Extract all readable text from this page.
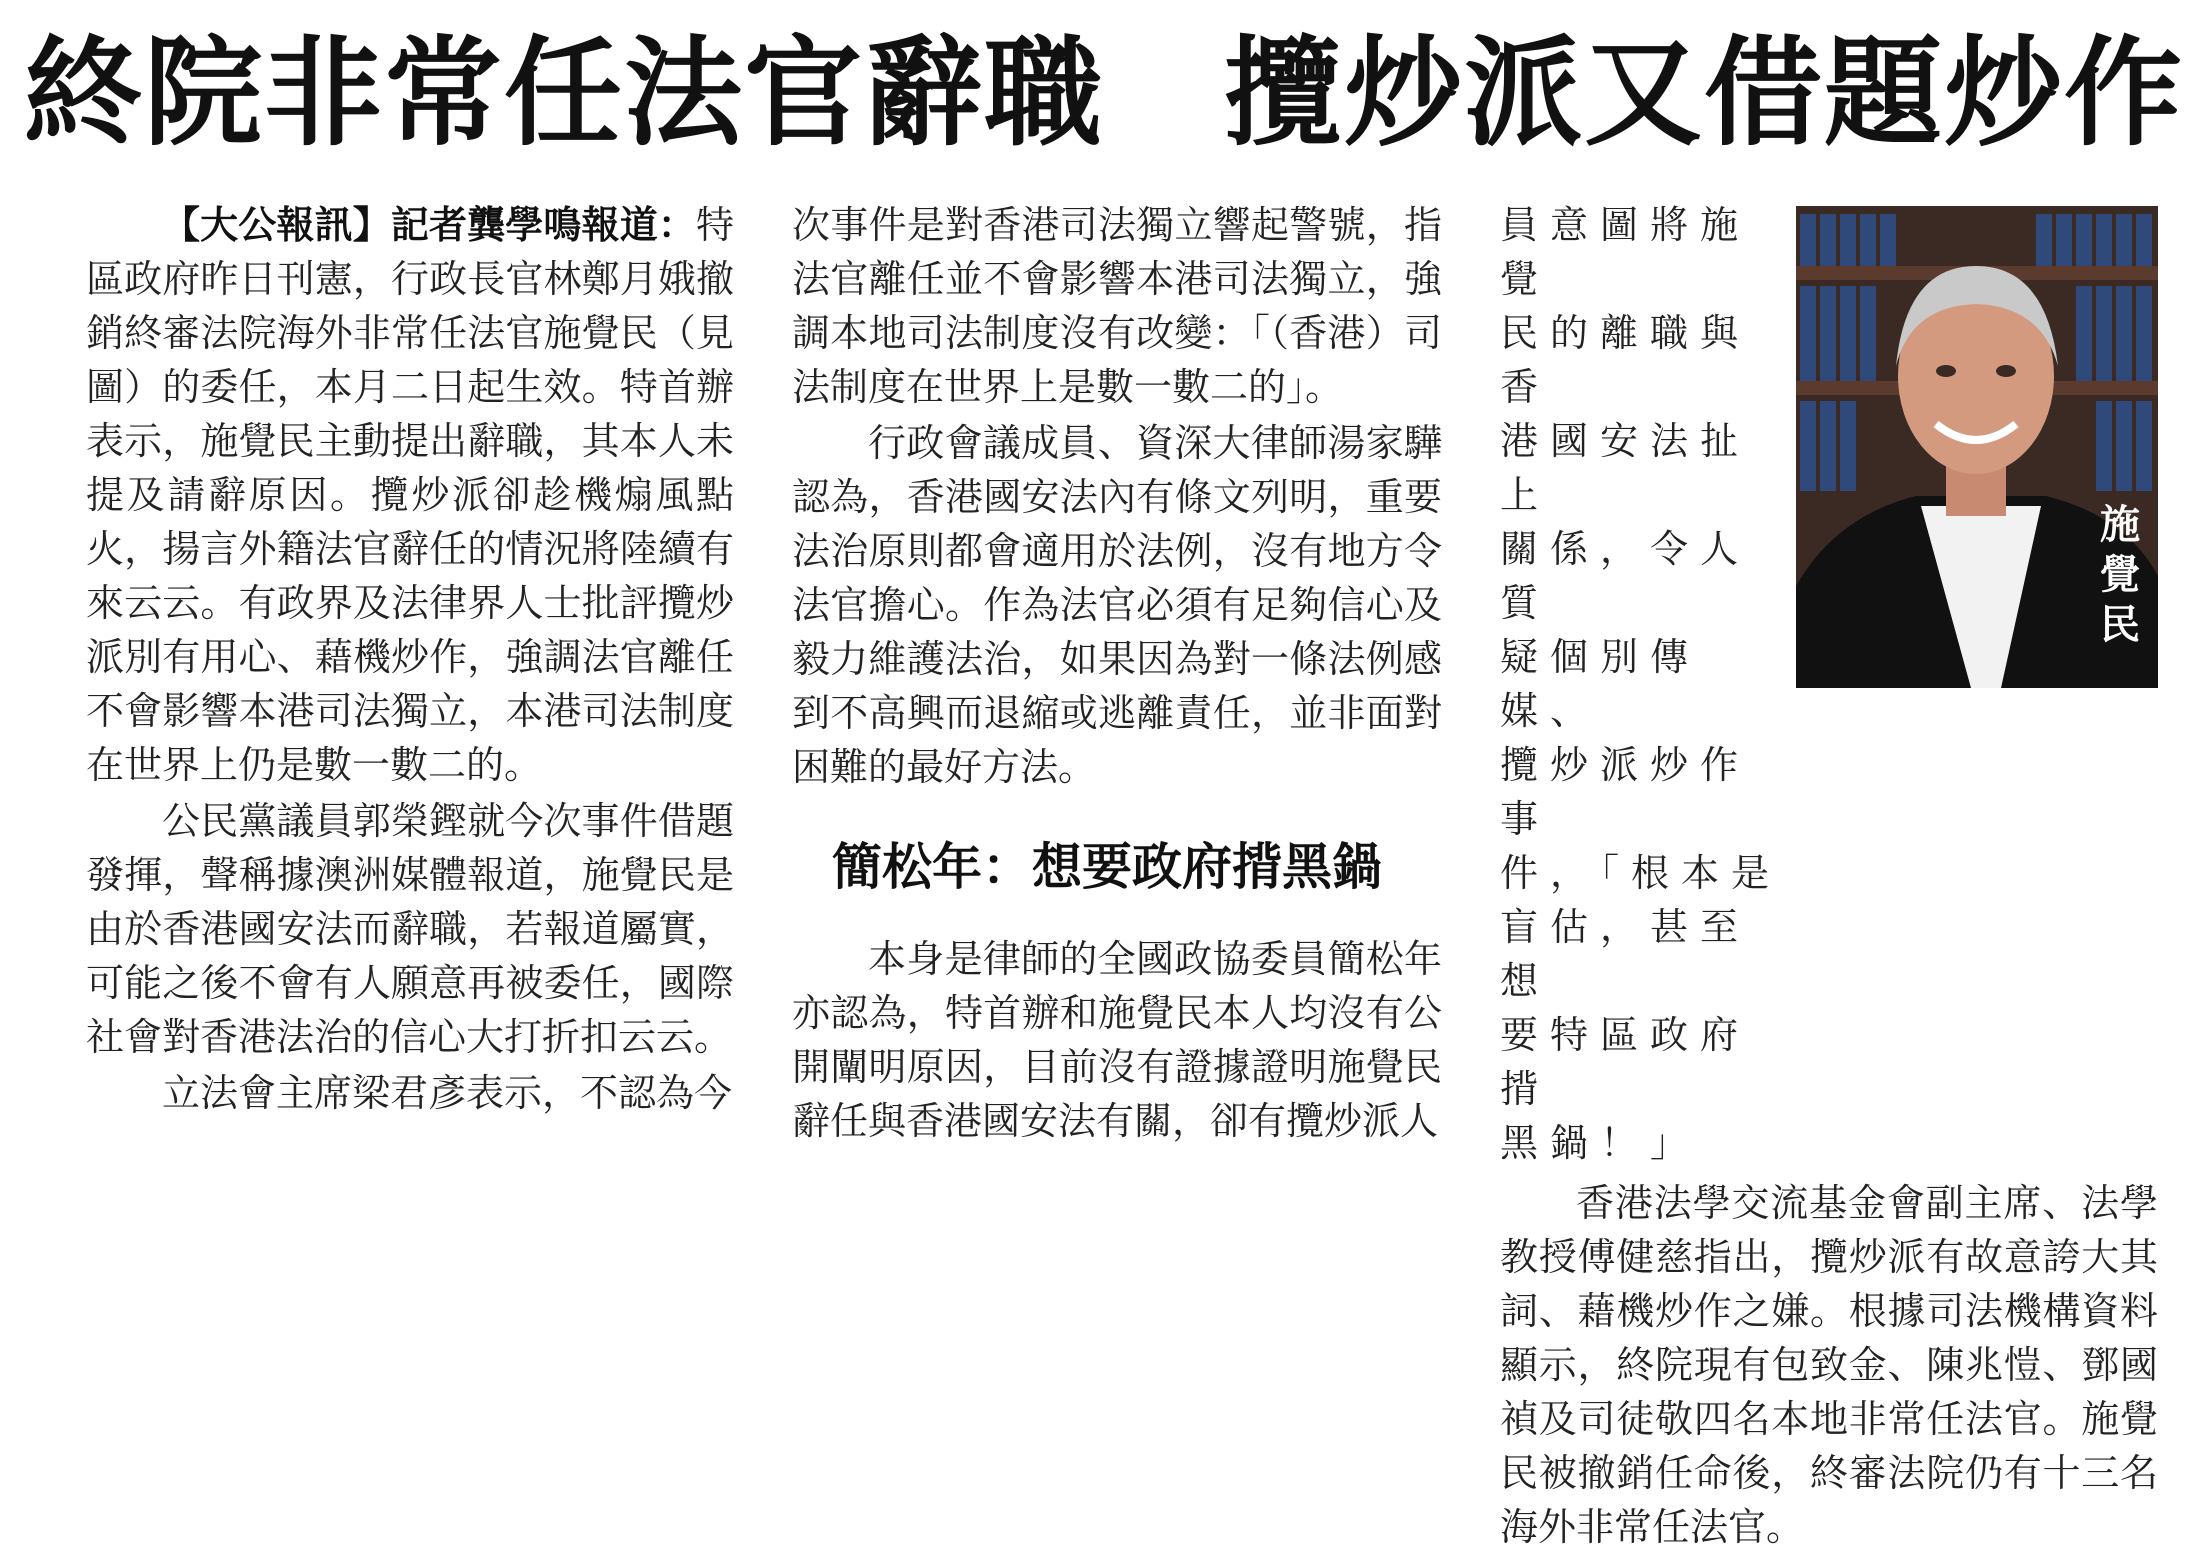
終院非常任法官辭職　攬炒派又借題炒作

【大公報訊】記者龔學鳴報道：特區政府昨日刊憲，行政長官林鄭月娥撤銷終審法院海外非常任法官施覺民（見圖）的委任，本月二日起生效。特首辦表示，施覺民主動提出辭職，其本人未提及請辭原因。攬炒派卻趁機煽風點火，揚言外籍法官辭任的情況將陸續有來云云。有政界及法律界人士批評攬炒派別有用心、藉機炒作，強調法官離任不會影響本港司法獨立，本港司法制度在世界上仍是數一數二的。

公民黨議員郭榮鏗就今次事件借題發揮，聲稱據澳洲媒體報道，施覺民是由於香港國安法而辭職，若報道屬實，可能之後不會有人願意再被委任，國際社會對香港法治的信心大打折扣云云。

立法會主席梁君彥表示，不認為今

次事件是對香港司法獨立響起警號，指法官離任並不會影響本港司法獨立，強調本地司法制度沒有改變：「（香港）司法制度在世界上是數一數二的」。

行政會議成員、資深大律師湯家驊認為，香港國安法內有條文列明，重要法治原則都會適用於法例，沒有地方令法官擔心。作為法官必須有足夠信心及毅力維護法治，如果因為對一條法例感到不高興而退縮或逃離責任，並非面對困難的最好方法。

簡松年：想要政府揹黑鍋

本身是律師的全國政協委員簡松年亦認為，特首辦和施覺民本人均沒有公開闡明原因，目前沒有證據證明施覺民辭任與香港國安法有關，卻有攬炒派人

員意圖將施覺
民的離職與香
港國安法扯上
關係，令人質
疑個別傳媒、
攬炒派炒作事
件，「根本是
盲估，甚至想
要特區政府揹
黑鍋！」
施覺民

香港法學交流基金會副主席、法學教授傅健慈指出，攬炒派有故意誇大其詞、藉機炒作之嫌。根據司法機構資料顯示，終院現有包致金、陳兆愷、鄧國禎及司徒敬四名本地非常任法官。施覺民被撤銷任命後，終審法院仍有十三名海外非常任法官。
